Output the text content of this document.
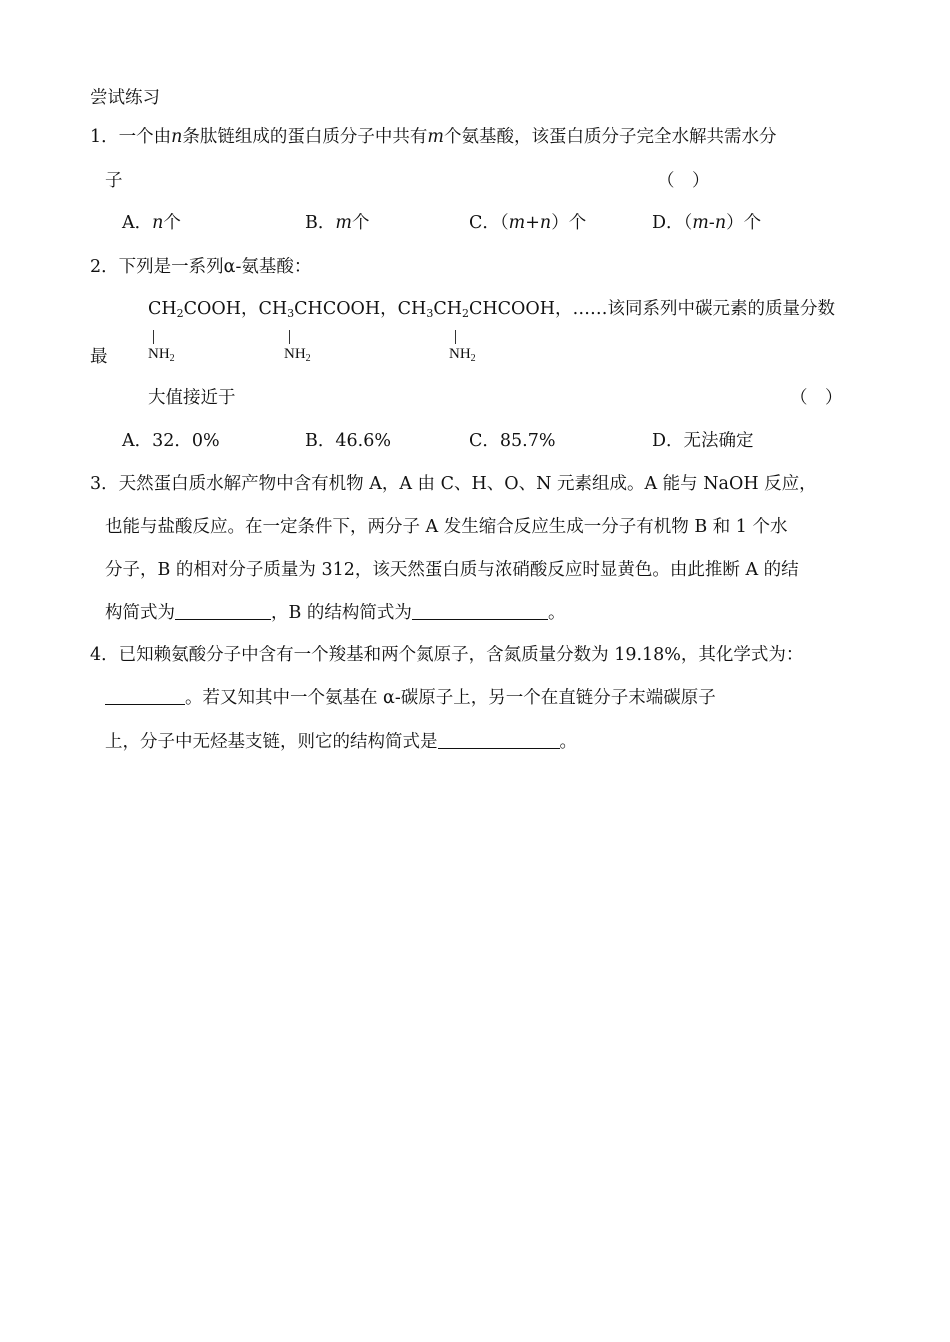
尝试练习
1．一个由n条肽链组成的蛋白质分子中共有m个氨基酸，该蛋白质分子完全水解共需水分
子	（　）
A．n个	B．m个	C．（m+n）个	D．（m-n）个
2．下列是一系列α-氨基酸：
$CH_2COOH$，$CH_3CHCOOH$，$CH_3CH_2CHCOOH$，……该同系列中碳元素的质量分数
$NH_2$	$NH_2$	$NH_2$
最
大值接近于	（　）
A．32．0%	B．46.6%	C．85.7%	D．无法确定
3．天然蛋白质水解产物中含有机物 A，A 由 C、H、O、N 元素组成。A 能与 NaOH 反应，
也能与盐酸反应。在一定条件下，两分子 A 发生缩合反应生成一分子有机物 B 和 1 个水
分子，B 的相对分子质量为 312，该天然蛋白质与浓硝酸反应时显黄色。由此推断 A 的结
构简式为	，B 的结构简式为	。
4．已知赖氨酸分子中含有一个羧基和两个氮原子，含氮质量分数为 19.18%，其化学式为：
。若又知其中一个氨基在 α-碳原子上，另一个在直链分子末端碳原子
上，分子中无烃基支链，则它的结构简式是	。
